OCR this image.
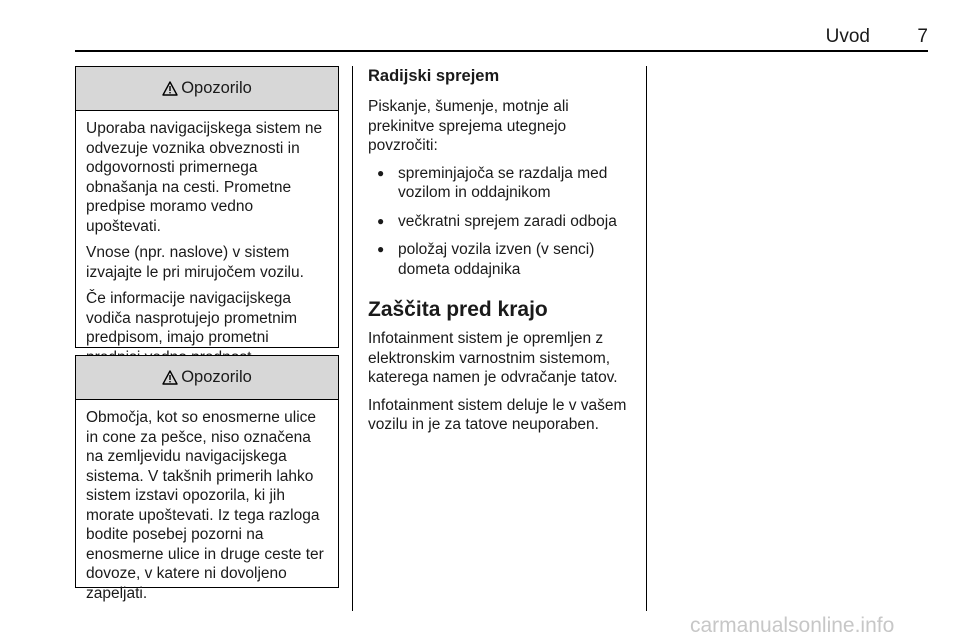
Uvod	7
Opozorilo

Uporaba navigacijskega sistem ne
odvezuje voznika obveznosti in
odgovornosti primernega
obnašanja na cesti. Prometne
predpise moramo vedno
upoštevati.

Vnose (npr. naslove) v sistem
izvajajte le pri mirujočem vozilu.

Če informacije navigacijskega
vodiča nasprotujejo prometnim
predpisom, imajo prometni

Opozorilo

Območja, kot so enosmerne ulice
in cone za pešce, niso označena
na zemljevidu navigacijskega
sistema. V takšnih primerih lahko
sistem izstavi opozorila, ki jih
morate upoštevati. Iz tega razloga
bodite posebej pozorni na
enosmerne ulice in druge ceste ter
dovoze, v katere ni dovoljeno
zapeljati.

Radijski sprejem

Piskanje, šumenje, motnje ali
prekinitve sprejema utegnejo
povzročiti:

● spreminjajoča se razdalja med
vozilom in oddajnikom
● večkratni sprejem zaradi odboja
● položaj vozila izven (v senci)
dometa oddajnika
Zaščita pred krajo

Infotainment sistem je opremljen z
elektronskim varnostnim sistemom,
katerega namen je odvračanje tatov.

Infotainment sistem deluje le v vašem
vozilu in je za tatove neuporaben.

carmanualsonline.info
